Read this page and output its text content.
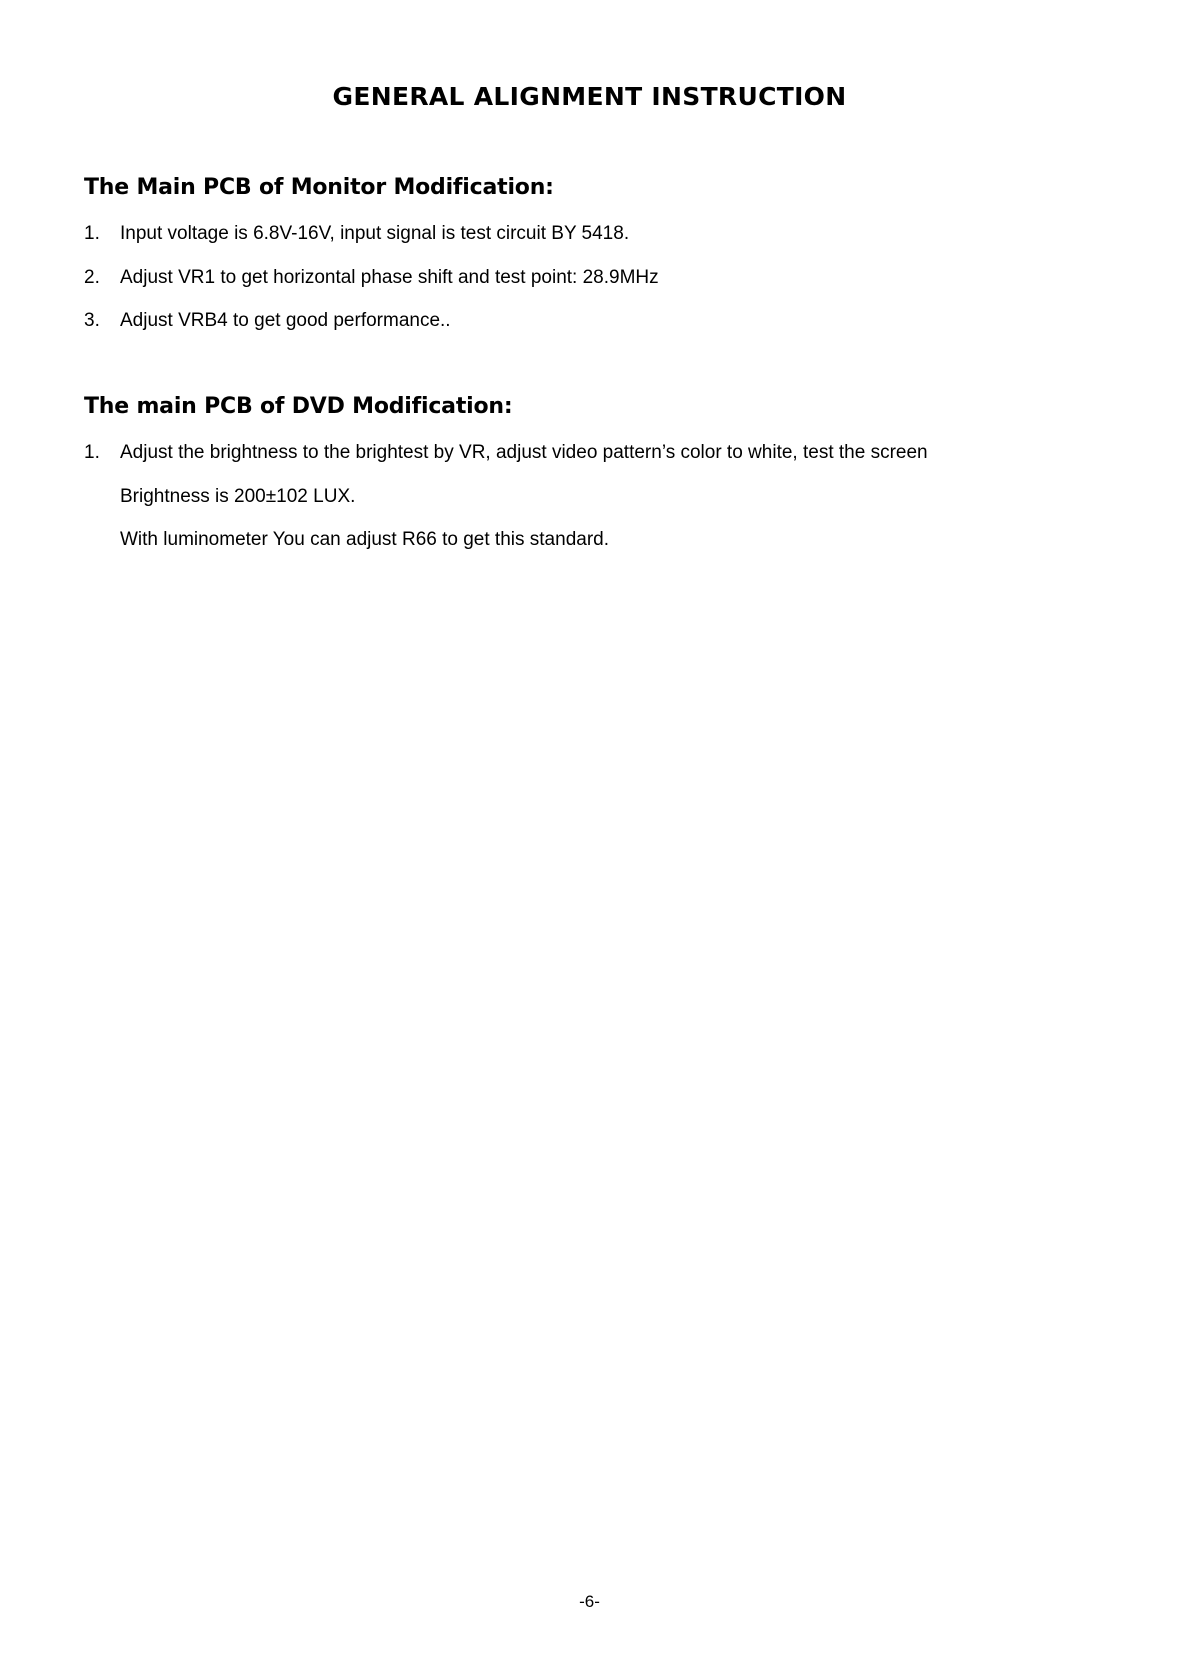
GENERAL ALIGNMENT INSTRUCTION
The Main PCB of Monitor Modification:
1. Input voltage is 6.8V-16V, input signal is test circuit BY 5418.
2. Adjust VR1 to get horizontal phase shift and test point: 28.9MHz
3. Adjust VRB4 to get good performance..
The main PCB of DVD Modification:
1. Adjust the brightness to the brightest by VR, adjust video pattern’s color to white, test the screen
Brightness is 200±102 LUX.
With luminometer You can adjust R66 to get this standard.
-6-
